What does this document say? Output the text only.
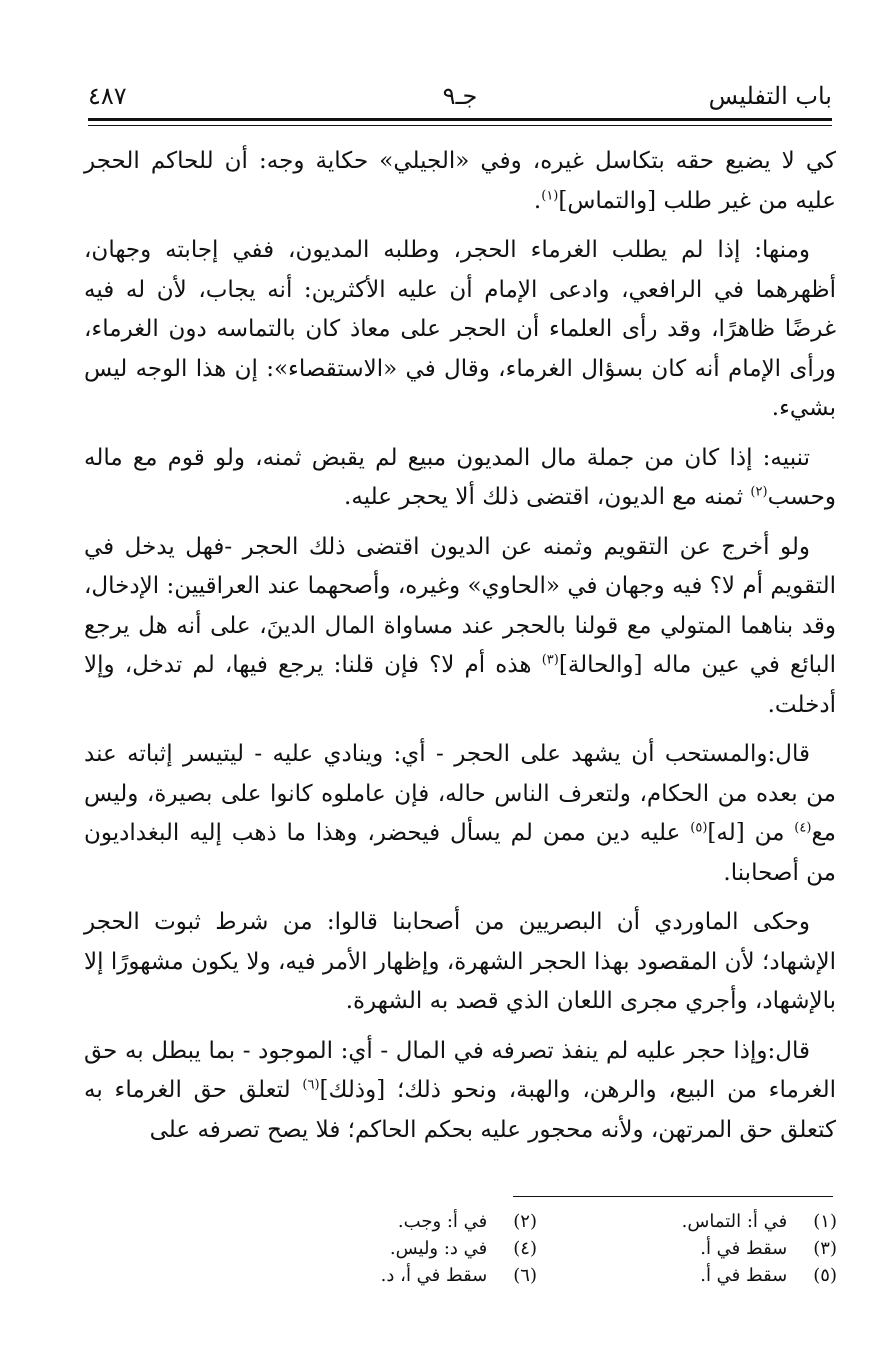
باب التفليس
جـ٩
٤٨٧

كي لا يضيع حقه بتكاسل غيره، وفي «الجيلي» حكاية وجه: أن للحاكم الحجر عليه من غير طلب [والتماس]$^{(١)}$.

ومنها: إذا لم يطلب الغرماء الحجر، وطلبه المديون، ففي إجابته وجهان، أظهرهما في الرافعي، وادعى الإمام أن عليه الأكثرين: أنه يجاب، لأن له فيه غرضًا ظاهرًا، وقد رأى العلماء أن الحجر على معاذ كان بالتماسه دون الغرماء، ورأى الإمام أنه كان بسؤال الغرماء، وقال في «الاستقصاء»: إن هذا الوجه ليس بشيء.

تنبيه: إذا كان من جملة مال المديون مبيع لم يقبض ثمنه، ولو قوم مع ماله وحسب$^{(٢)}$ ثمنه مع الديون، اقتضى ذلك ألا يحجر عليه.

ولو أخرج عن التقويم وثمنه عن الديون اقتضى ذلك الحجر -فهل يدخل في التقويم أم لا؟ فيه وجهان في «الحاوي» وغيره، وأصحهما عند العراقيين: الإدخال، وقد بناهما المتولي مع قولنا بالحجر عند مساواة المال الدينَ، على أنه هل يرجع البائع في عين ماله [والحالة]$^{(٣)}$ هذه أم لا؟ فإن قلنا: يرجع فيها، لم تدخل، وإلا أدخلت.

قال:والمستحب أن يشهد على الحجر - أي: وينادي عليه - ليتيسر إثباته عند من بعده من الحكام، ولتعرف الناس حاله، فإن عاملوه كانوا على بصيرة، وليس مع$^{(٤)}$ من [له]$^{(٥)}$ عليه دين ممن لم يسأل فيحضر، وهذا ما ذهب إليه البغداديون من أصحابنا.

وحكى الماوردي أن البصريين من أصحابنا قالوا: من شرط ثبوت الحجر الإشهاد؛ لأن المقصود بهذا الحجر الشهرة، وإظهار الأمر فيه، ولا يكون مشهورًا إلا بالإشهاد، وأجري مجرى اللعان الذي قصد به الشهرة.

قال:وإذا حجر عليه لم ينفذ تصرفه في المال - أي: الموجود - بما يبطل به حق الغرماء من البيع، والرهن، والهبة، ونحو ذلك؛ [وذلك]$^{(٦)}$ لتعلق حق الغرماء به كتعلق حق المرتهن، ولأنه محجور عليه بحكم الحاكم؛ فلا يصح تصرفه على

(١) في أ: التماس.
(٢) في أ: وجب.
(٣) سقط في أ.
(٤) في د: وليس.
(٥) سقط في أ.
(٦) سقط في أ، د.
